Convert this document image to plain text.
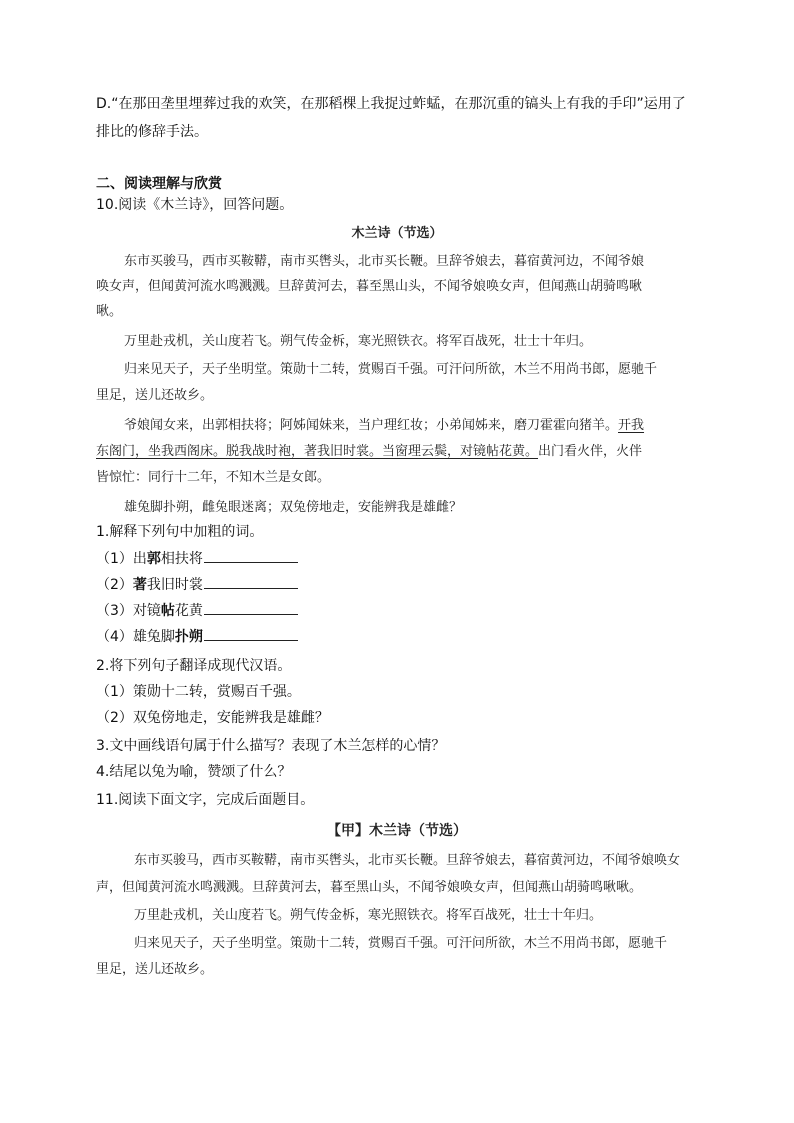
D.“在那田垄里埋葬过我的欢笑，在那稻棵上我捉过蚱蜢，在那沉重的镐头上有我的手印”运用了
排比的修辞手法。
二、阅读理解与欣赏
10.阅读《木兰诗》，回答问题。
木兰诗（节选）
东市买骏马，西市买鞍鞯，南市买辔头，北市买长鞭。旦辞爷娘去，暮宿黄河边，不闻爷娘
唤女声，但闻黄河流水鸣溅溅。旦辞黄河去，暮至黑山头，不闻爷娘唤女声，但闻燕山胡骑鸣啾
啾。
万里赴戎机，关山度若飞。朔气传金柝，寒光照铁衣。将军百战死，壮士十年归。
归来见天子，天子坐明堂。策勋十二转，赏赐百千强。可汗问所欲，木兰不用尚书郎，愿驰千
里足，送儿还故乡。
爷娘闻女来，出郭相扶将；阿姊闻妹来，当户理红妆；小弟闻姊来，磨刀霍霍向猪羊。开我
东阁门，坐我西阁床。脱我战时袍，著我旧时裳。当窗理云鬓，对镜帖花黄。出门看火伴，火伴
皆惊忙：同行十二年，不知木兰是女郎。
雄兔脚扑朔，雌兔眼迷离；双兔傍地走，安能辨我是雄雌？
1.解释下列句中加粗的词。
（1）出郭相扶将
（2）著我旧时裳
（3）对镜帖花黄
（4）雄兔脚扑朔
2.将下列句子翻译成现代汉语。
（1）策勋十二转，赏赐百千强。
（2）双兔傍地走，安能辨我是雄雌？
3.文中画线语句属于什么描写？表现了木兰怎样的心情？
4.结尾以兔为喻，赞颂了什么？
11.阅读下面文字，完成后面题目。
【甲】木兰诗（节选）
东市买骏马，西市买鞍鞯，南市买辔头，北市买长鞭。旦辞爷娘去，暮宿黄河边，不闻爷娘唤女
声，但闻黄河流水鸣溅溅。旦辞黄河去，暮至黑山头，不闻爷娘唤女声，但闻燕山胡骑鸣啾啾。
万里赴戎机，关山度若飞。朔气传金柝，寒光照铁衣。将军百战死，壮士十年归。
归来见天子，天子坐明堂。策勋十二转，赏赐百千强。可汗问所欲，木兰不用尚书郎，愿驰千
里足，送儿还故乡。
